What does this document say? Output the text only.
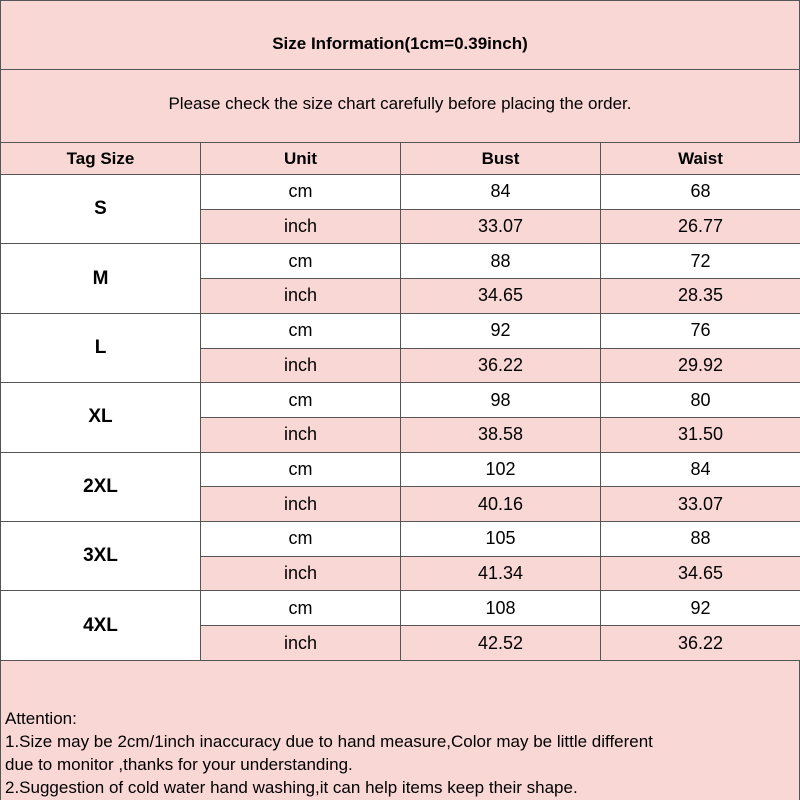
Size Information(1cm=0.39inch)
Please check the size chart carefully before placing the order.
Tag Size	Unit	Bust	Waist
S	cm	84	68
	inch	33.07	26.77
M	cm	88	72
	inch	34.65	28.35
L	cm	92	76
	inch	36.22	29.92
XL	cm	98	80
	inch	38.58	31.50
2XL	cm	102	84
	inch	40.16	33.07
3XL	cm	105	88
	inch	41.34	34.65
4XL	cm	108	92
	inch	42.52	36.22

Attention:

1.Size may be 2cm/1inch inaccuracy due to hand measure,Color may be little different

due to monitor ,thanks for your understanding.

2.Suggestion of cold water hand washing,it can help items keep their shape.
